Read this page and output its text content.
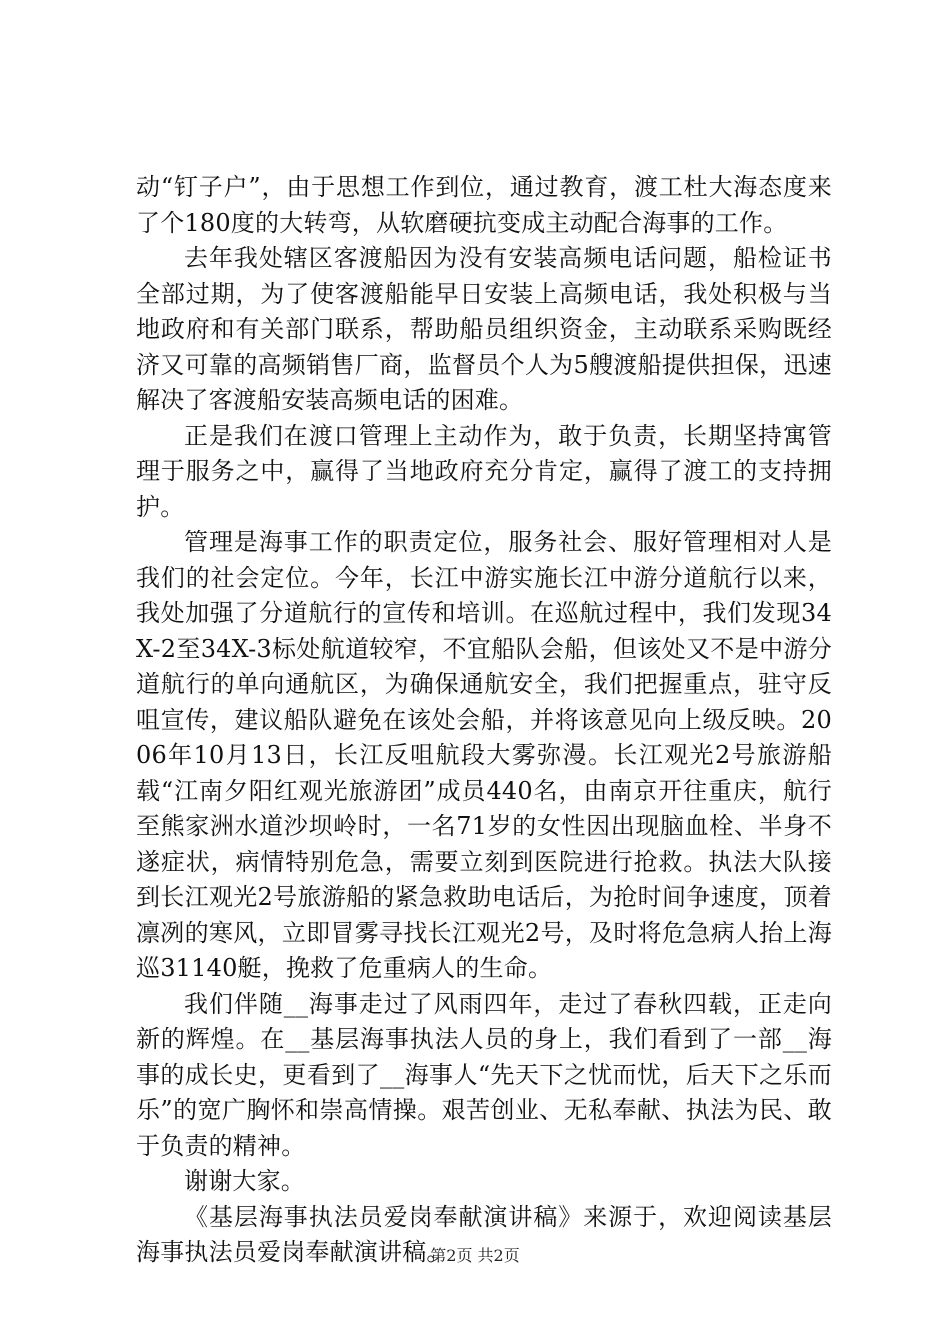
动“钉子户”，由于思想工作到位，通过教育，渡工杜大海态度来了个180度的大转弯，从软磨硬抗变成主动配合海事的工作。

去年我处辖区客渡船因为没有安装高频电话问题，船检证书全部过期，为了使客渡船能早日安装上高频电话，我处积极与当地政府和有关部门联系，帮助船员组织资金，主动联系采购既经济又可靠的高频销售厂商，监督员个人为5艘渡船提供担保，迅速解决了客渡船安装高频电话的困难。

正是我们在渡口管理上主动作为，敢于负责，长期坚持寓管理于服务之中，赢得了当地政府充分肯定，赢得了渡工的支持拥护。

管理是海事工作的职责定位，服务社会、服好管理相对人是我们的社会定位。今年，长江中游实施长江中游分道航行以来，我处加强了分道航行的宣传和培训。在巡航过程中，我们发现34X-2至34X-3标处航道较窄，不宜船队会船，但该处又不是中游分道航行的单向通航区，为确保通航安全，我们把握重点，驻守反咀宣传，建议船队避免在该处会船，并将该意见向上级反映。2006年10月13日，长江反咀航段大雾弥漫。长江观光2号旅游船载“江南夕阳红观光旅游团”成员440名，由南京开往重庆，航行至熊家洲水道沙坝岭时，一名71岁的女性因出现脑血栓、半身不遂症状，病情特别危急，需要立刻到医院进行抢救。执法大队接到长江观光2号旅游船的紧急救助电话后，为抢时间争速度，顶着凛冽的寒风，立即冒雾寻找长江观光2号，及时将危急病人抬上海巡31140艇，挽救了危重病人的生命。

我们伴随__海事走过了风雨四年，走过了春秋四载，正走向新的辉煌。在__基层海事执法人员的身上，我们看到了一部__海事的成长史，更看到了__海事人“先天下之忧而忧，后天下之乐而乐”的宽广胸怀和崇高情操。艰苦创业、无私奉献、执法为民、敢于负责的精神。

谢谢大家。

《基层海事执法员爱岗奉献演讲稿》来源于，欢迎阅读基层海事执法员爱岗奉献演讲稿。

第2页 共2页
